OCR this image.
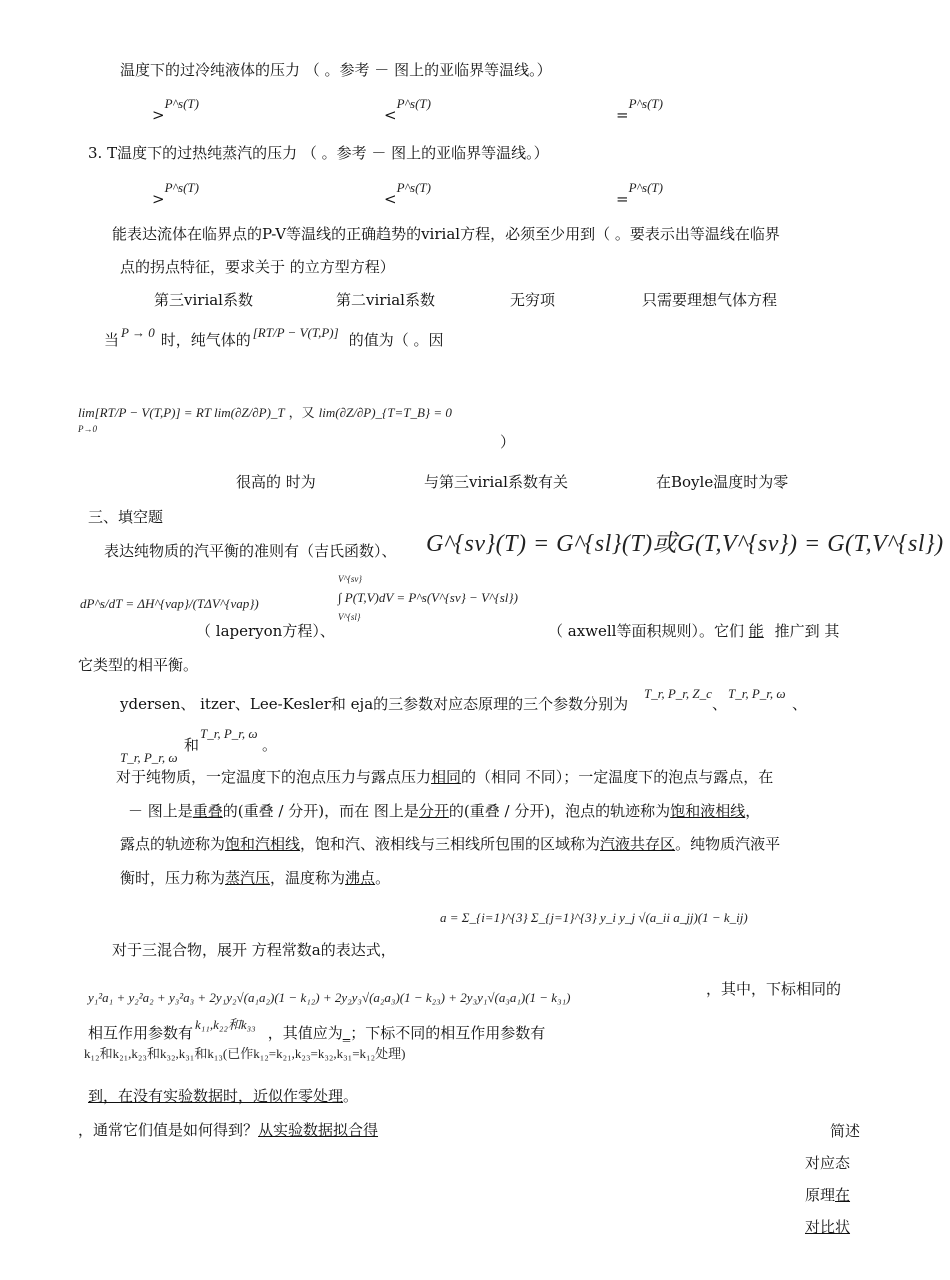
温度下的过冷纯液体的压力 （ 。参考 － 图上的亚临界等温线。）
>P^s(T)
<P^s(T)
=P^s(T)
3. T温度下的过热纯蒸汽的压力 （ 。参考 － 图上的亚临界等温线。）
>P^s(T)
<P^s(T)
=P^s(T)
能表达流体在临界点的P-V等温线的正确趋势的virial方程，必须至少用到（ 。要表示出等温线在临界
点的拐点特征，要求关于 的立方型方程）
第三virial系数	第二virial系数	无穷项	只需要理想气体方程
当 P → 0 时，纯气体的 [RT/P − V(T,P)] 的值为（ 。因
lim[RT/P − V(T,P)] = RT lim(∂Z/∂P)_T ，又 lim(∂Z/∂P)_{T=T_B} = 0
P→0
）
很高的 时为	与第三virial系数有关	在Boyle温度时为零
三、填空题
表达纯物质的汽平衡的准则有（吉氏函数）、 G^{sv}(T) = G^{sl}(T)或G(T,V^{sv}) = G(T,V^{sl})
dP^s/dT = ΔH^{vap}/(TΔV^{vap})
V^{sv}
∫ P(T,V)dV = P^s(V^{sv} − V^{sl})
V^{sl}
（ laperyon方程）、	（ axwell等面积规则）。它们 能 推广到 其
它类型的相平衡。
ydersen、 itzer、Lee-Kesler和 eja的三参数对应态原理的三个参数分别为
T_r, P_r, Z_c
、
T_r, P_r, ω
、
T_r, P_r, ω
和
T_r, P_r, ω
。
对于纯物质，一定温度下的泡点压力与露点压力相同的（相同 不同）；一定温度下的泡点与露点，在
－ 图上是重叠的(重叠 / 分开)，而在 图上是分开的(重叠 / 分开)，泡点的轨迹称为饱和液相线，
露点的轨迹称为饱和汽相线，饱和汽、液相线与三相线所包围的区域称为汽液共存区。纯物质汽液平
衡时，压力称为蒸汽压，温度称为沸点。
a = Σ_{i=1}^{3} Σ_{j=1}^{3} y_i y_j √(a_ii a_jj)(1 − k_ij)
对于三混合物，展开 方程常数a的表达式，
y₁²a₁ + y₂²a₂ + y₃²a₃ + 2y₁y₂√(a₁a₂)(1 − k₁₂) + 2y₂y₃√(a₂a₃)(1 − k₂₃) + 2y₃y₁√(a₃a₁)(1 − k₃₁)	，其中，下标相同的
相互作用参数有 k₁₁,k₂₂和k₃₃ ，其值应为_；下标不同的相互作用参数有
k₁₂和k₂₁,k₂₃和k₃₂,k₃₁和k₁₃(已作k₁₂=k₂₁,k₂₃=k₃₂,k₃₁=k₁₂处理)
到，在没有实验数据时，近似作零处理。
，通常它们值是如何得到？从实验数据拟合得	简述
对应态
原理在
对比状
